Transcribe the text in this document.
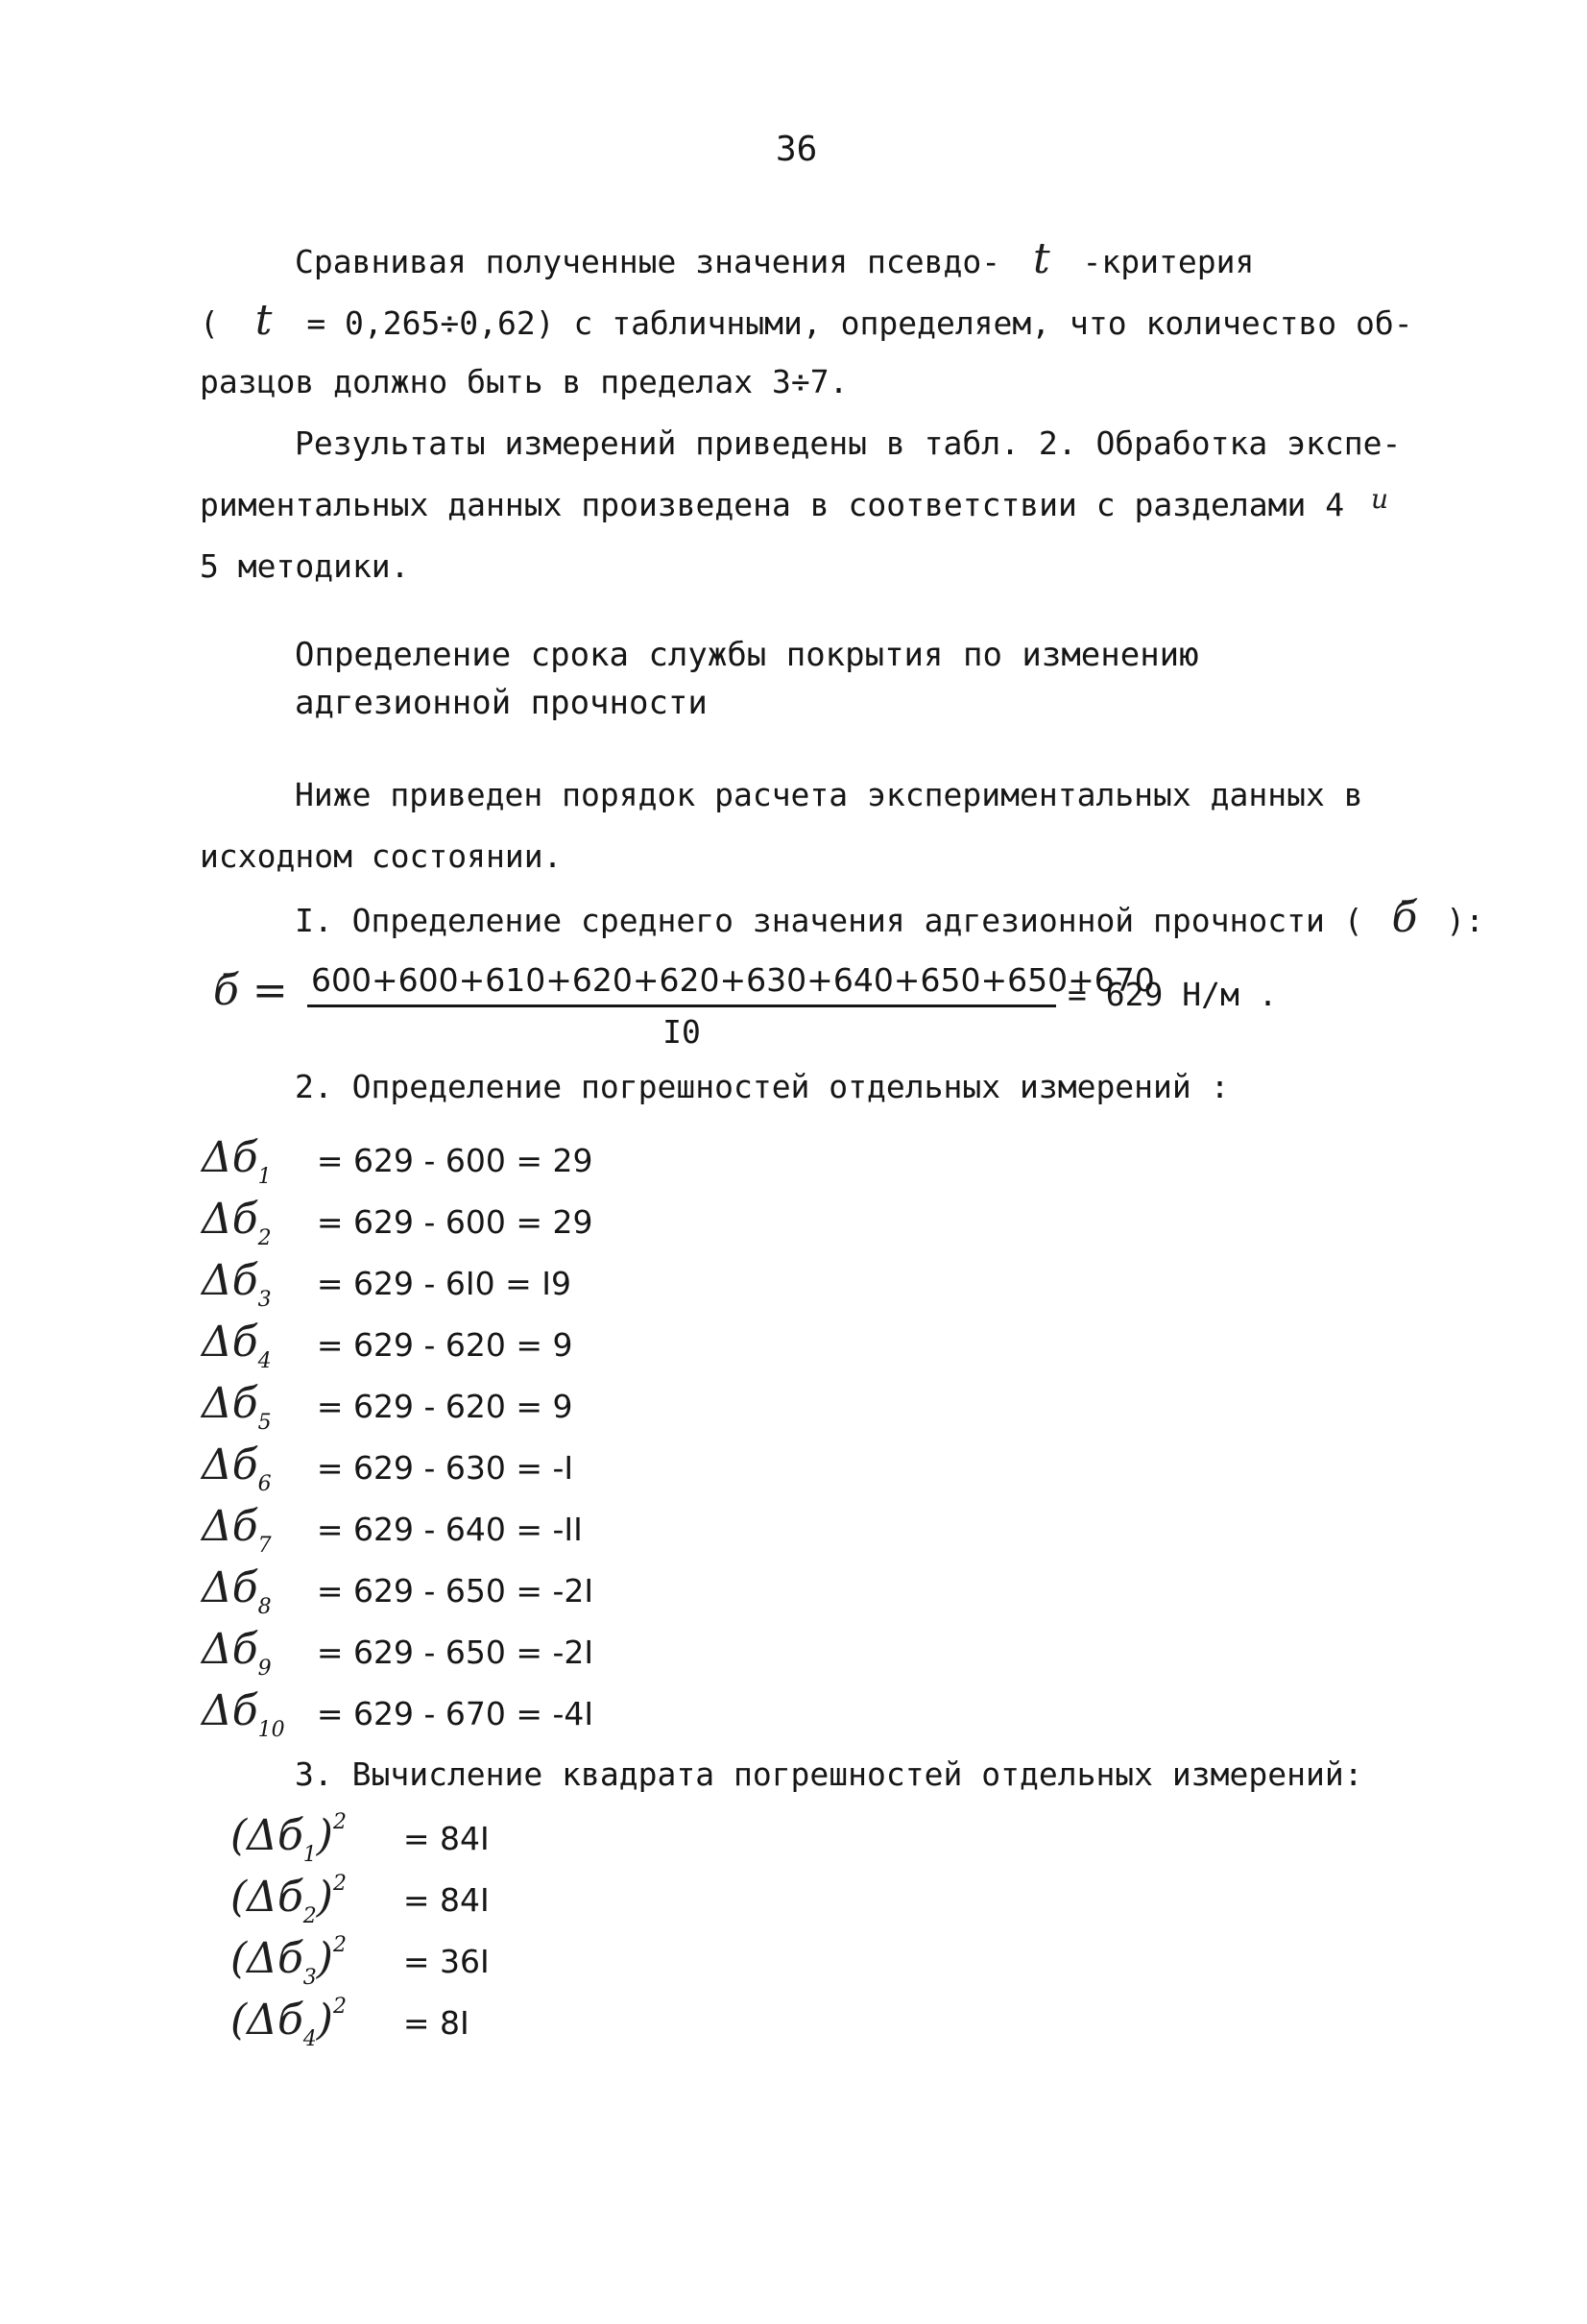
36
Сравнивая полученные значения псевдо- t -критерия
( t = 0,265÷0,62) с табличными, определяем, что количество об-
разцов должно быть в пределах 3÷7.
Результаты измерений приведены в табл. 2. Обработка экспе-
риментальных данных произведена в соответствии с разделами 4 $^и$
5 методики.
Определение срока службы покрытия по изменению
адгезионной прочности
Ниже приведен порядок расчета экспериментальных данных в
исходном состоянии.
I. Определение среднего значения адгезионной прочности ( б̄ ):
б̄ = $\frac{600+600+610+620+620+630+640+650+650+670}{I0} = 629$ Н/м .
2. Определение погрешностей отдельных измерений :
$\Delta б_1 = 629 - 600 = 29$
$\Delta б_2 = 629 - 600 = 29$
$\Delta б_3 = 629 - 6I0 = I9$
$\Delta б_4 = 629 - 620 = 9$
$\Delta б_5 = 629 - 620 = 9$
$\Delta б_6 = 629 - 630 = -I$
$\Delta б_7 = 629 - 640 = -II$
$\Delta б_8 = 629 - 650 = -2I$
$\Delta б_9 = 629 - 650 = -2I$
$\Delta б_{10} = 629 - 670 = -4I$
3. Вычисление квадрата погрешностей отдельных измерений:
$(\Delta б_1)^2 = 84I$
$(\Delta б_2)^2 = 84I$
$(\Delta б_3)^2 = 36I$
$(\Delta б_4)^2 = 8I$
